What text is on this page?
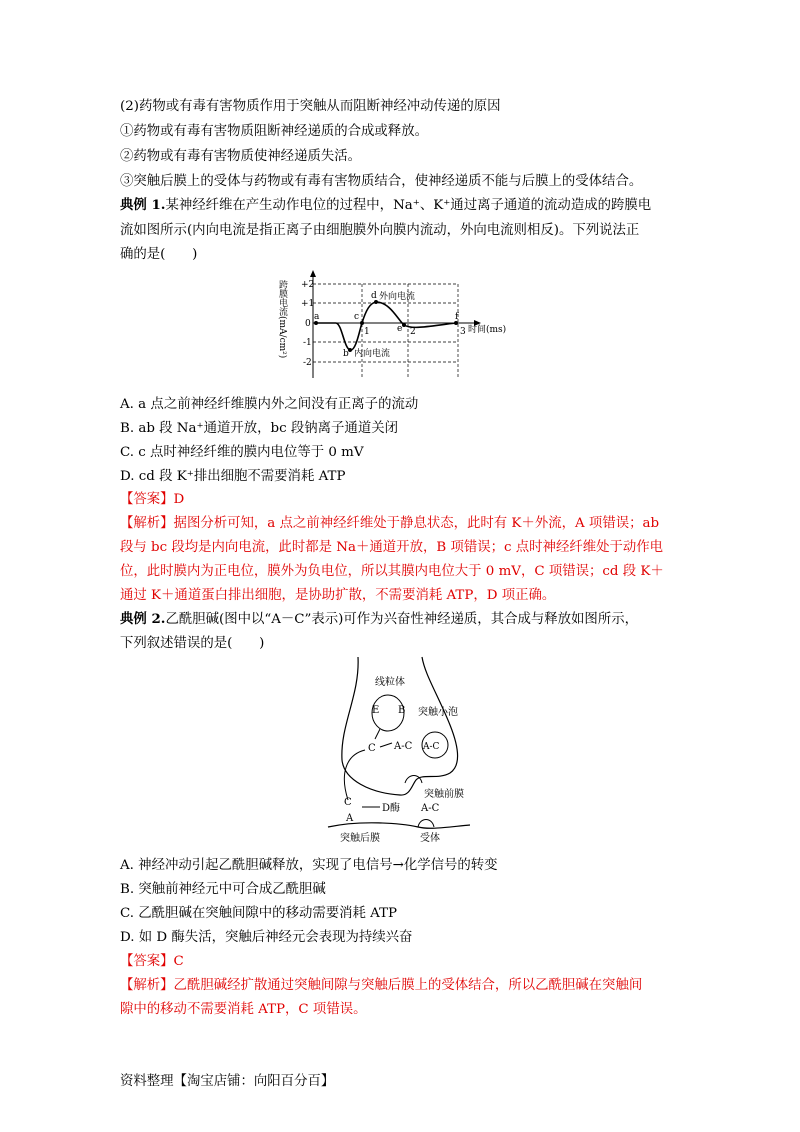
(2)药物或有毒有害物质作用于突触从而阻断神经冲动传递的原因
①药物或有毒有害物质阻断神经递质的合成或释放。
②药物或有毒有害物质使神经递质失活。
③突触后膜上的受体与药物或有毒有害物质结合，使神经递质不能与后膜上的受体结合。
典例 1.某神经纤维在产生动作电位的过程中，Na⁺、K⁺通过离子通道的流动造成的跨膜电
流如图所示(内向电流是指正离子由细胞膜外向膜内流动，外向电流则相反)。下列说法正
确的是(　　)
跨膜电流(mA/cm²) +2
+1
0
-1
-2
1	2	3 时间(ms)
a
b
c
d
e
f
外向电流
内向电流
A. a 点之前神经纤维膜内外之间没有正离子的流动
B. ab 段 Na⁺通道开放，bc 段钠离子通道关闭
C. c 点时神经纤维的膜内电位等于 0 mV
D. cd 段 K⁺排出细胞不需要消耗 ATP
【答案】D
【解析】据图分析可知，a 点之前神经纤维处于静息状态，此时有 K＋外流，A 项错误；ab
段与 bc 段均是内向电流，此时都是 Na＋通道开放，B 项错误；c 点时神经纤维处于动作电
位，此时膜内为正电位，膜外为负电位，所以其膜内电位大于 0 mV，C 项错误；cd 段 K＋
通过 K＋通道蛋白排出细胞，是协助扩散，不需要消耗 ATP，D 项正确。
典例 2.乙酰胆碱(图中以“A－C”表示)可作为兴奋性神经递质，其合成与释放如图所示，
下列叙述错误的是(　　)
线粒体
E B 突触小泡
C A-C A-C
突触前膜
D酶 A-C
C
A
突触后膜	受体
A. 神经冲动引起乙酰胆碱释放，实现了电信号→化学信号的转变
B. 突触前神经元中可合成乙酰胆碱
C. 乙酰胆碱在突触间隙中的移动需要消耗 ATP
D. 如 D 酶失活，突触后神经元会表现为持续兴奋
【答案】C
【解析】乙酰胆碱经扩散通过突触间隙与突触后膜上的受体结合，所以乙酰胆碱在突触间
隙中的移动不需要消耗 ATP，C 项错误。
资料整理【淘宝店铺：向阳百分百】
